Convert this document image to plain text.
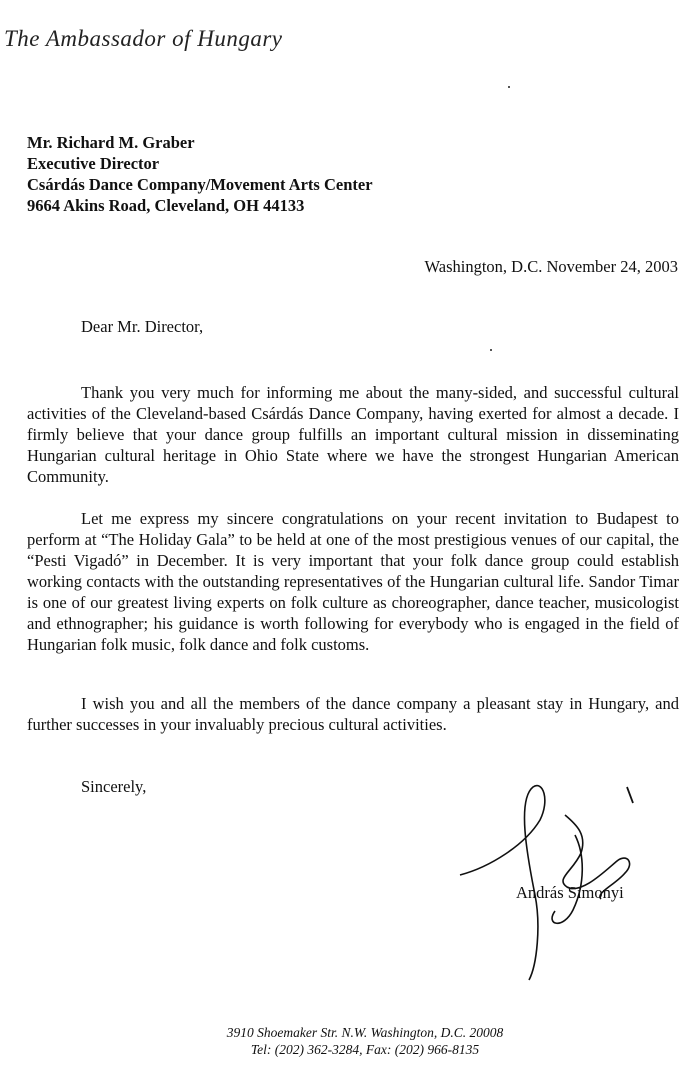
The Ambassador of Hungary
Mr. Richard M. Graber
Executive Director
Csárdás Dance Company/Movement Arts Center
9664 Akins Road, Cleveland, OH 44133
Washington, D.C. November 24, 2003
Dear Mr. Director,
Thank you very much for informing me about the many-sided, and successful cultural activities of the Cleveland-based Csárdás Dance Company, having exerted for almost a decade. I firmly believe that your dance group fulfills an important cultural mission in disseminating Hungarian cultural heritage in Ohio State where we have the strongest Hungarian American Community.
Let me express my sincere congratulations on your recent invitation to Budapest to perform at “The Holiday Gala” to be held at one of the most prestigious venues of our capital, the “Pesti Vigadó” in December. It is very important that your folk dance group could establish working contacts with the outstanding representatives of the Hungarian cultural life. Sandor Timar is one of our greatest living experts on folk culture as choreographer, dance teacher, musicologist and ethnographer; his guidance is worth following for everybody who is engaged in the field of Hungarian folk music, folk dance and folk customs.
I wish you and all the members of the dance company a pleasant stay in Hungary, and further successes in your invaluably precious cultural activities.
Sincerely,
András Simonyi
3910 Shoemaker Str. N.W. Washington, D.C. 20008
Tel: (202) 362-3284, Fax: (202) 966-8135
